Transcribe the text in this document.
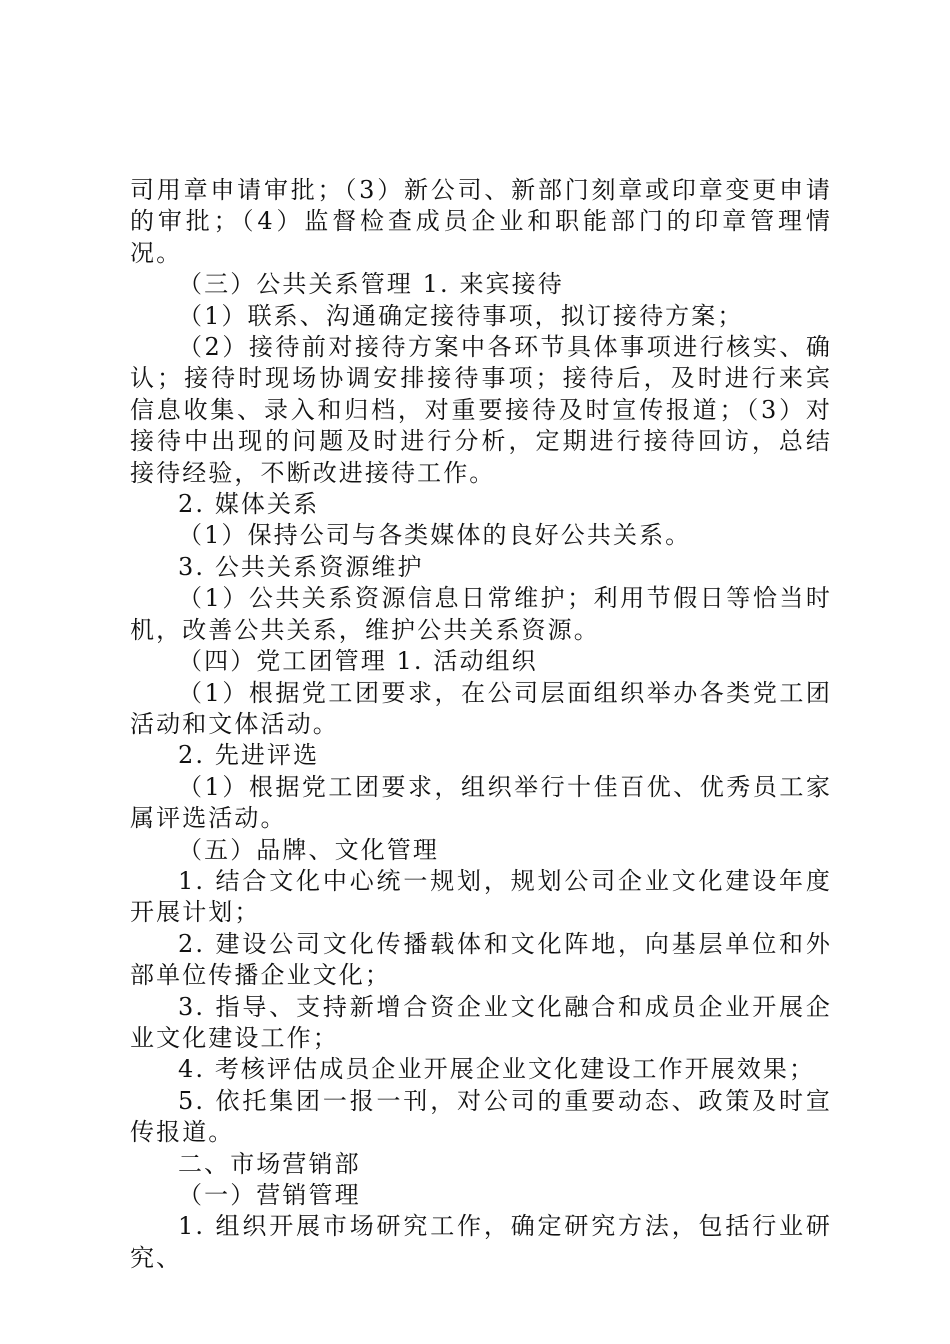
司用章申请审批；（3）新公司、新部门刻章或印章变更申请的审批；（4）监督检查成员企业和职能部门的印章管理情况。

（三）公共关系管理 1. 来宾接待

（1）联系、沟通确定接待事项，拟订接待方案；

（2）接待前对接待方案中各环节具体事项进行核实、确认；接待时现场协调安排接待事项；接待后，及时进行来宾信息收集、录入和归档，对重要接待及时宣传报道；（3）对接待中出现的问题及时进行分析，定期进行接待回访，总结接待经验，不断改进接待工作。

2. 媒体关系

（1）保持公司与各类媒体的良好公共关系。

3. 公共关系资源维护

（1）公共关系资源信息日常维护；利用节假日等恰当时机，改善公共关系，维护公共关系资源。

（四）党工团管理 1. 活动组织

（1）根据党工团要求，在公司层面组织举办各类党工团活动和文体活动。

2. 先进评选

（1）根据党工团要求，组织举行十佳百优、优秀员工家属评选活动。

（五）品牌、文化管理

1. 结合文化中心统一规划，规划公司企业文化建设年度开展计划；

2. 建设公司文化传播载体和文化阵地，向基层单位和外部单位传播企业文化；

3. 指导、支持新增合资企业文化融合和成员企业开展企业文化建设工作；

4. 考核评估成员企业开展企业文化建设工作开展效果；

5. 依托集团一报一刊，对公司的重要动态、政策及时宣传报道。

二、市场营销部

（一）营销管理

1. 组织开展市场研究工作，确定研究方法，包括行业研究、
